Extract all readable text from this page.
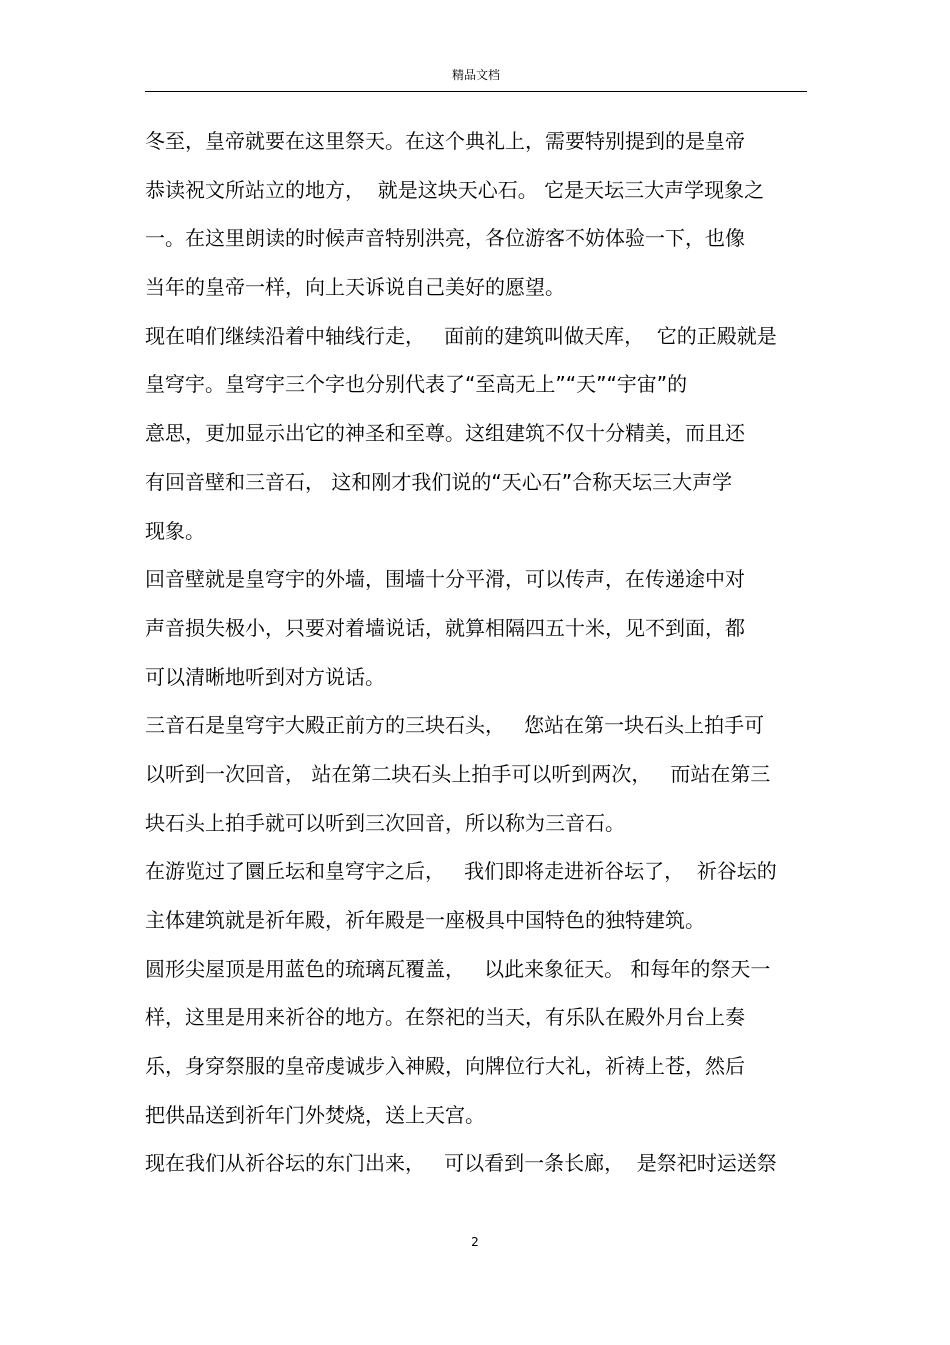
精品文档
冬至，皇帝就要在这里祭天。在这个典礼上，需要特别提到的是皇帝
恭读祝文所站立的地方，  就是这块天心石。 它是天坛三大声学现象之
一。在这里朗读的时候声音特别洪亮，各位游客不妨体验一下，也像
当年的皇帝一样，向上天诉说自己美好的愿望。
现在咱们继续沿着中轴线行走，   面前的建筑叫做天库，  它的正殿就是
皇穹宇。皇穹宇三个字也分别代表了“至高无上”“天”“宇宙”的
意思，更加显示出它的神圣和至尊。这组建筑不仅十分精美，而且还
有回音壁和三音石， 这和刚才我们说的“天心石”合称天坛三大声学
现象。
回音壁就是皇穹宇的外墙，围墙十分平滑，可以传声，在传递途中对
声音损失极小，只要对着墙说话，就算相隔四五十米，见不到面，都
可以清晰地听到对方说话。
三音石是皇穹宇大殿正前方的三块石头，   您站在第一块石头上拍手可
以听到一次回音， 站在第二块石头上拍手可以听到两次，   而站在第三
块石头上拍手就可以听到三次回音，所以称为三音石。
在游览过了圜丘坛和皇穹宇之后，   我们即将走进祈谷坛了，  祈谷坛的
主体建筑就是祈年殿，祈年殿是一座极具中国特色的独特建筑。
圆形尖屋顶是用蓝色的琉璃瓦覆盖，   以此来象征天。 和每年的祭天一
样，这里是用来祈谷的地方。在祭祀的当天，有乐队在殿外月台上奏
乐，身穿祭服的皇帝虔诚步入神殿，向牌位行大礼，祈祷上苍，然后
把供品送到祈年门外焚烧，送上天宫。
现在我们从祈谷坛的东门出来，   可以看到一条长廊，  是祭祀时运送祭
2
